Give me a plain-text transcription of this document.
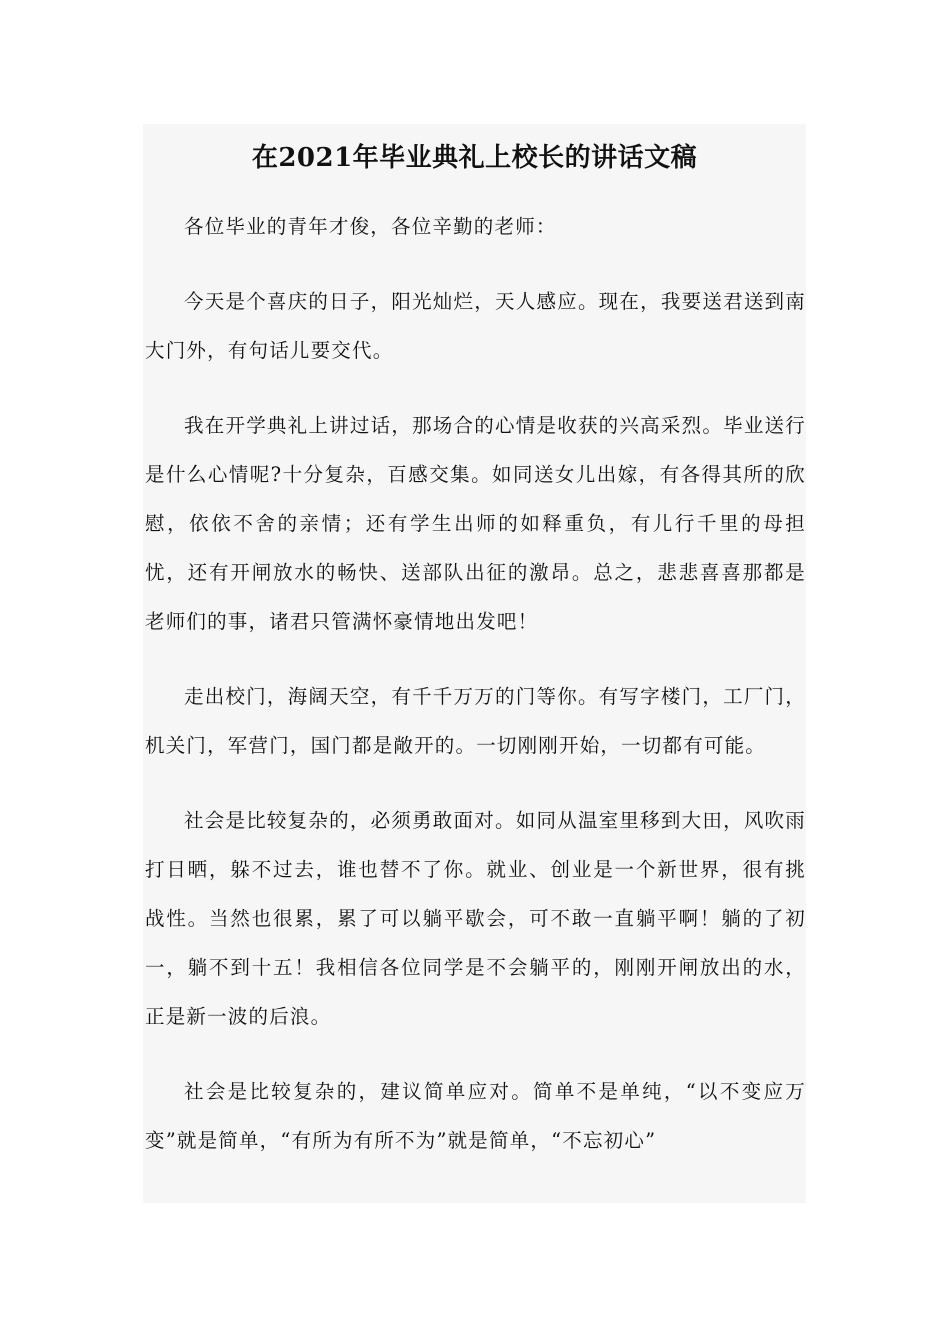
在2021年毕业典礼上校长的讲话文稿

各位毕业的青年才俊，各位辛勤的老师：

今天是个喜庆的日子，阳光灿烂，天人感应。现在，我要送君送到南大门外，有句话儿要交代。

我在开学典礼上讲过话，那场合的心情是收获的兴高采烈。毕业送行是什么心情呢?十分复杂，百感交集。如同送女儿出嫁，有各得其所的欣慰，依依不舍的亲情；还有学生出师的如释重负，有儿行千里的母担忧，还有开闸放水的畅快、送部队出征的激昂。总之，悲悲喜喜那都是老师们的事，诸君只管满怀豪情地出发吧！

走出校门，海阔天空，有千千万万的门等你。有写字楼门，工厂门，机关门，军营门，国门都是敞开的。一切刚刚开始，一切都有可能。

社会是比较复杂的，必须勇敢面对。如同从温室里移到大田，风吹雨打日晒，躲不过去，谁也替不了你。就业、创业是一个新世界，很有挑战性。当然也很累，累了可以躺平歇会，可不敢一直躺平啊！躺的了初一，躺不到十五！我相信各位同学是不会躺平的，刚刚开闸放出的水，正是新一波的后浪。

社会是比较复杂的，建议简单应对。简单不是单纯，“以不变应万变”就是简单，“有所为有所不为”就是简单，“不忘初心”
